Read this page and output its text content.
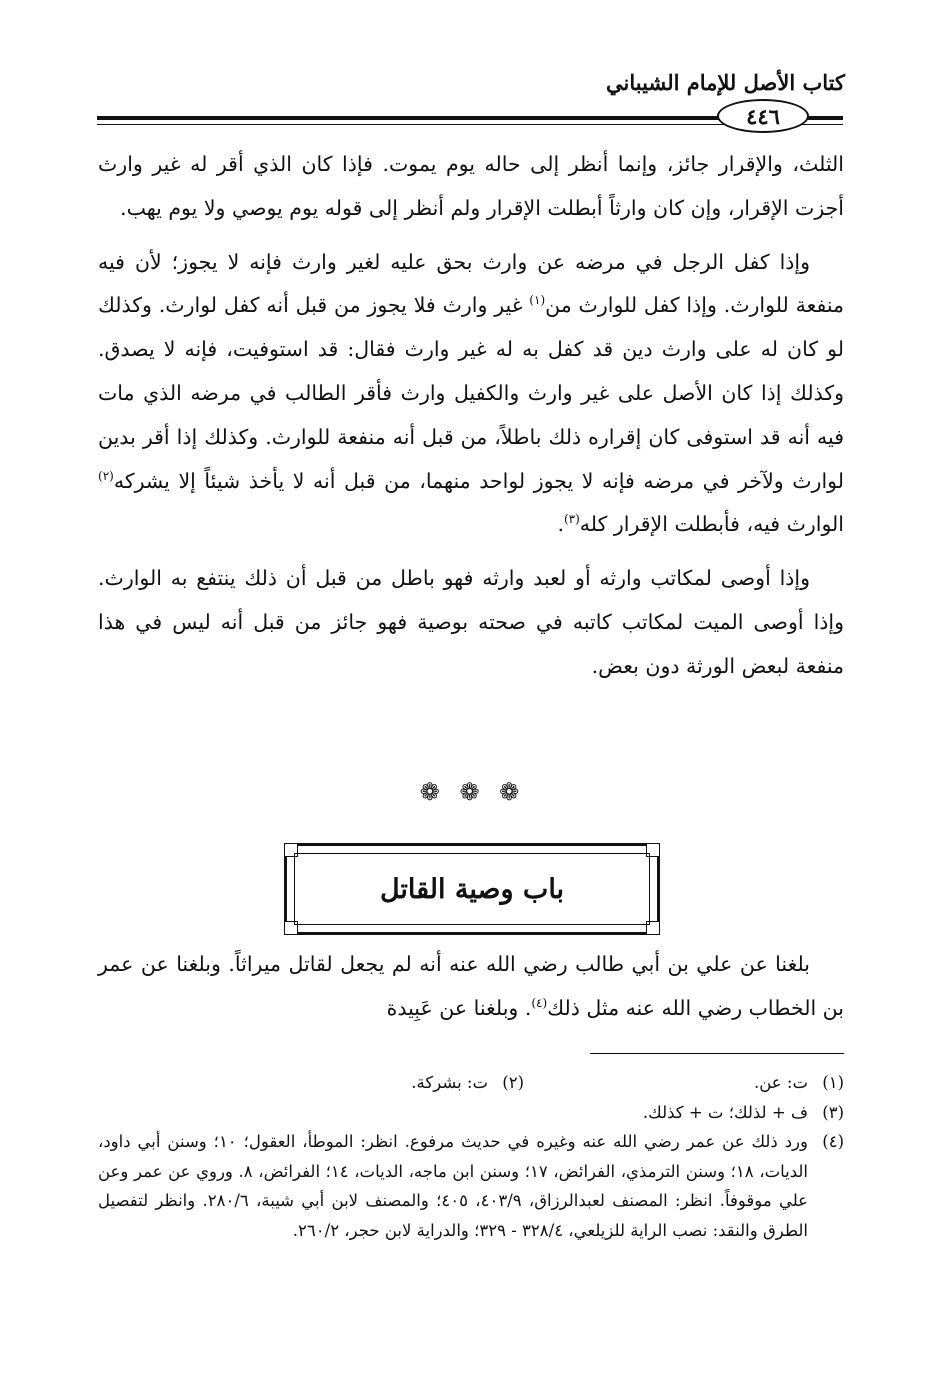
كتاب الأصل للإمام الشيباني
٤٤٦

الثلث، والإقرار جائز، وإنما أنظر إلى حاله يوم يموت. فإذا كان الذي أقر له غير وارث أجزت الإقرار، وإن كان وارثاً أبطلت الإقرار ولم أنظر إلى قوله يوم يوصي ولا يوم يهب.

وإذا كفل الرجل في مرضه عن وارث بحق عليه لغير وارث فإنه لا يجوز؛ لأن فيه منفعة للوارث. وإذا كفل للوارث من$^{(١)}$ غير وارث فلا يجوز من قبل أنه كفل لوارث. وكذلك لو كان له على وارث دين قد كفل به له غير وارث فقال: قد استوفيت، فإنه لا يصدق. وكذلك إذا كان الأصل على غير وارث والكفيل وارث فأقر الطالب في مرضه الذي مات فيه أنه قد استوفى كان إقراره ذلك باطلاً، من قبل أنه منفعة للوارث. وكذلك إذا أقر بدين لوارث ولآخر في مرضه فإنه لا يجوز لواحد منهما، من قبل أنه لا يأخذ شيئاً إلا يشركه$^{(٢)}$ الوارث فيه، فأبطلت الإقرار كله$^{(٣)}$.

وإذا أوصى لمكاتب وارثه أو لعبد وارثه فهو باطل من قبل أن ذلك ينتفع به الوارث. وإذا أوصى الميت لمكاتب كاتبه في صحته بوصية فهو جائز من قبل أنه ليس في هذا منفعة لبعض الورثة دون بعض.

❁ ❁ ❁
باب وصية القاتل

بلغنا عن علي بن أبي طالب رضي الله عنه أنه لم يجعل لقاتل ميراثاً. وبلغنا عن عمر بن الخطاب رضي الله عنه مثل ذلك$^{(٤)}$. وبلغنا عن عَبِيدة

(١)
ت: عن.
(٢)
ت: بشركة.
(٣)
ف + لذلك؛ ت + كذلك.
(٤)
ورد ذلك عن عمر رضي الله عنه وغيره في حديث مرفوع. انظر: الموطأ، العقول؛ ١٠؛ وسنن أبي داود، الديات، ١٨؛ وسنن الترمذي، الفرائض، ١٧؛ وسنن ابن ماجه، الديات، ١٤؛ الفرائض، ٨. وروي عن عمر وعن علي موقوفاً. انظر: المصنف لعبدالرزاق، ٤٠٣/٩، ٤٠٥؛ والمصنف لابن أبي شيبة، ٢٨٠/٦. وانظر لتفصيل الطرق والنقد: نصب الراية للزيلعي، ٣٢٨/٤ - ٣٢٩؛ والدراية لابن حجر، ٢٦٠/٢.
